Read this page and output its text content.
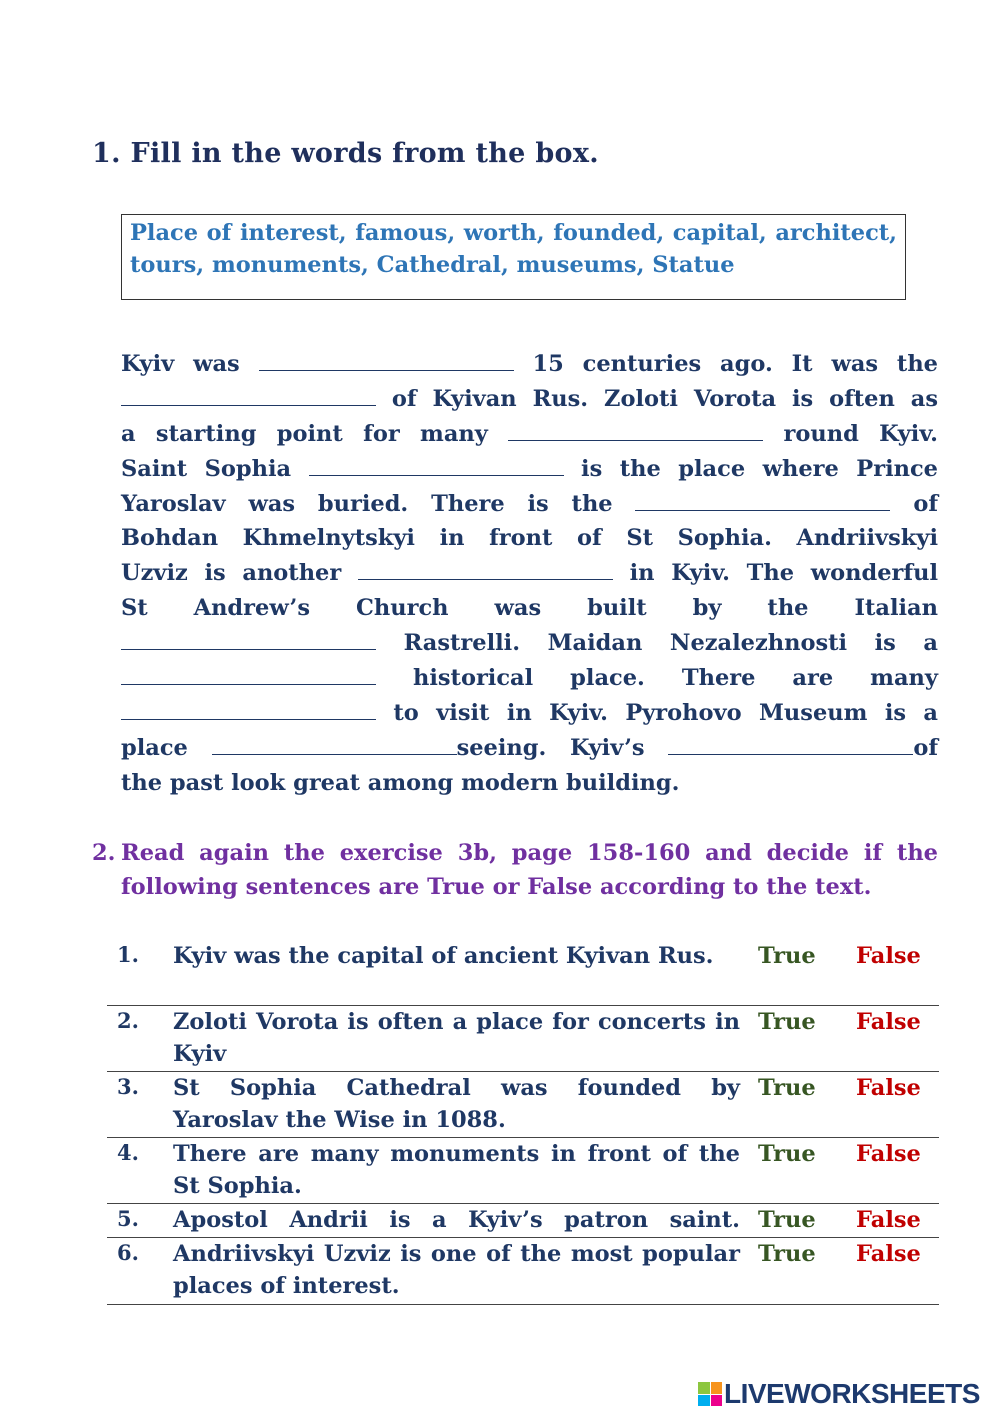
1. Fill in the words from the box.
Place of interest, famous, worth, founded, capital, architect, tours, monuments, Cathedral, museums, Statue
Kyiv was	15 centuries ago. It was the
of Kyivan Rus. Zoloti Vorota is often as
a starting point for many	round Kyiv.
Saint Sophia	is the place where Prince
Yaroslav was buried. There is the	of
Bohdan Khmelnytskyi in front of St Sophia. Andriivskyi
Uzviz is another	in Kyiv. The wonderful
St Andrew’s Church was built by the Italian
Rastrelli. Maidan Nezalezhnosti is a
historical place. There are many
to visit in Kyiv. Pyrohovo Museum is a
place	seeing. Kyiv’s	of
the past look great among modern building.
2. Read again the exercise 3b, page 158-160 and decide if the
following sentences are True or False according to the text.
1. Kyiv was the capital of ancient Kyivan Rus.	True False
2. Zoloti Vorota is often a place for concerts in Kyiv
True False
3. St Sophia Cathedral was founded by Yaroslav the Wise in 1088.
True False
4. There are many monuments in front of the St Sophia.
True False
5. Apostol Andrii is a Kyiv’s patron saint. True False
6. Andriivskyi Uzviz is one of the most popular places of interest.
True False
LIVEWORKSHEETS
